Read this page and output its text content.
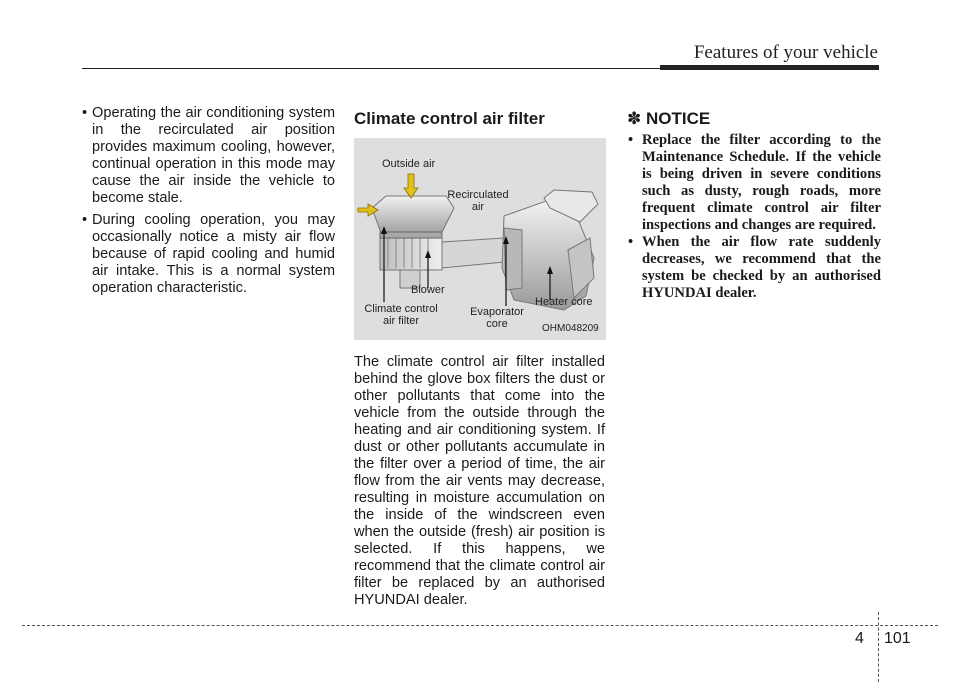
Features of your vehicle
• Operating the air conditioning system in the recirculated air position provides maximum cooling, however, continual operation in this mode may cause the air inside the vehicle to become stale.
• During cooling operation, you may occasionally notice a misty air flow because of rapid cooling and humid air intake. This is a normal system operation characteristic.
Climate control air filter
Outside air
Recirculated air
Blower
Climate control air filter
Evaporator core
Heater core
OHM048209
The climate control air filter installed behind the glove box filters the dust or other pollutants that come into the vehicle from the outside through the heating and air conditioning system. If dust or other pollutants accumulate in the filter over a period of time, the air flow from the air vents may decrease, resulting in moisture accumulation on the inside of the windscreen even when the outside (fresh) air position is selected. If this happens, we recommend that the climate control air filter be replaced by an authorised HYUNDAI dealer.
✽ NOTICE
• Replace the filter according to the Maintenance Schedule. If the vehicle is being driven in severe conditions such as dusty, rough roads, more frequent climate control air filter inspections and changes are required.
• When the air flow rate suddenly decreases, we recommend that the system be checked by an authorised HYUNDAI dealer.
4 101
